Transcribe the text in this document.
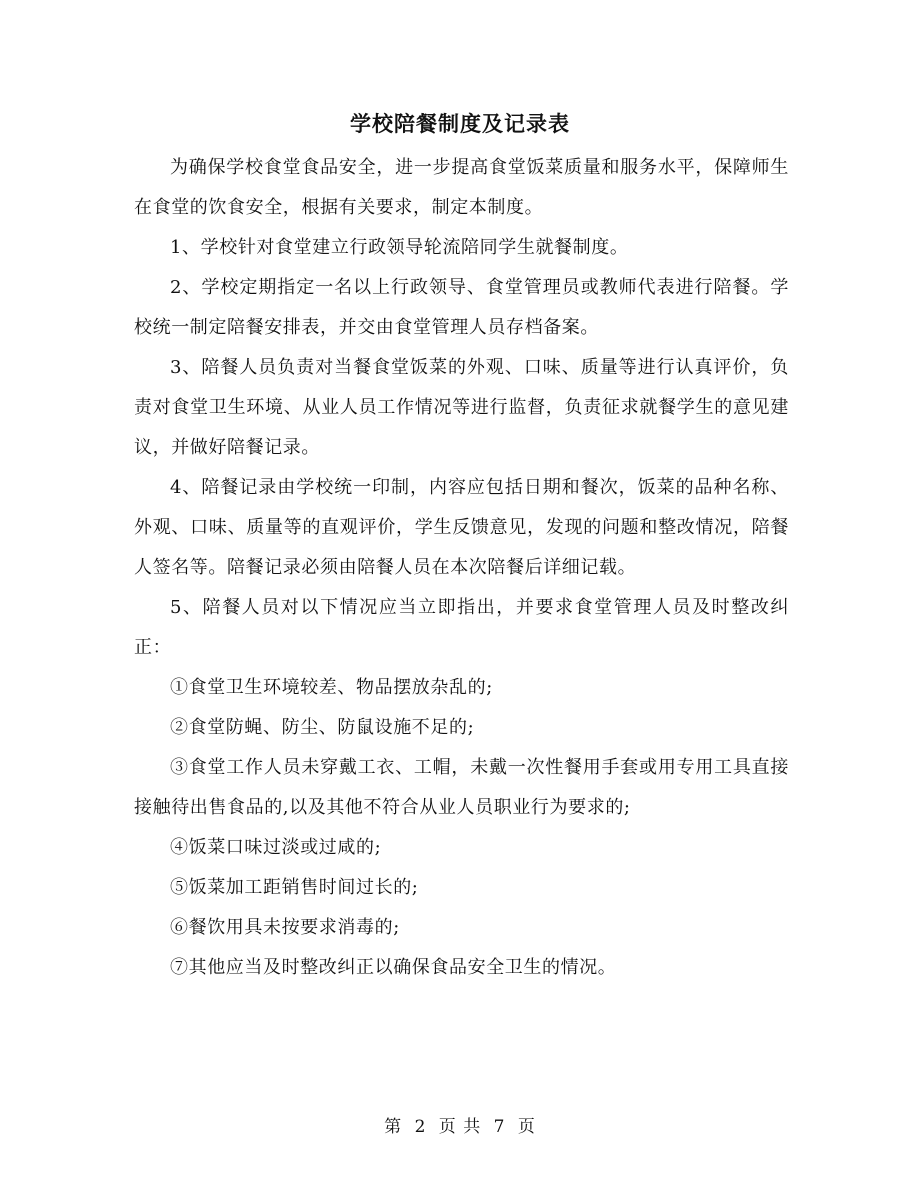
学校陪餐制度及记录表

为确保学校食堂食品安全，进一步提高食堂饭菜质量和服务水平，保障师生在食堂的饮食安全，根据有关要求，制定本制度。

1、学校针对食堂建立行政领导轮流陪同学生就餐制度。

2、学校定期指定一名以上行政领导、食堂管理员或教师代表进行陪餐。学校统一制定陪餐安排表，并交由食堂管理人员存档备案。

3、陪餐人员负责对当餐食堂饭菜的外观、口味、质量等进行认真评价，负责对食堂卫生环境、从业人员工作情况等进行监督，负责征求就餐学生的意见建议，并做好陪餐记录。

4、陪餐记录由学校统一印制，内容应包括日期和餐次，饭菜的品种名称、外观、口味、质量等的直观评价，学生反馈意见，发现的问题和整改情况，陪餐人签名等。陪餐记录必须由陪餐人员在本次陪餐后详细记载。

5、陪餐人员对以下情况应当立即指出，并要求食堂管理人员及时整改纠正：

①食堂卫生环境较差、物品摆放杂乱的;

②食堂防蝇、防尘、防鼠设施不足的;

③食堂工作人员未穿戴工衣、工帽，未戴一次性餐用手套或用专用工具直接接触待出售食品的,以及其他不符合从业人员职业行为要求的;

④饭菜口味过淡或过咸的;

⑤饭菜加工距销售时间过长的;

⑥餐饮用具未按要求消毒的;

⑦其他应当及时整改纠正以确保食品安全卫生的情况。

第 2 页 共 7 页
